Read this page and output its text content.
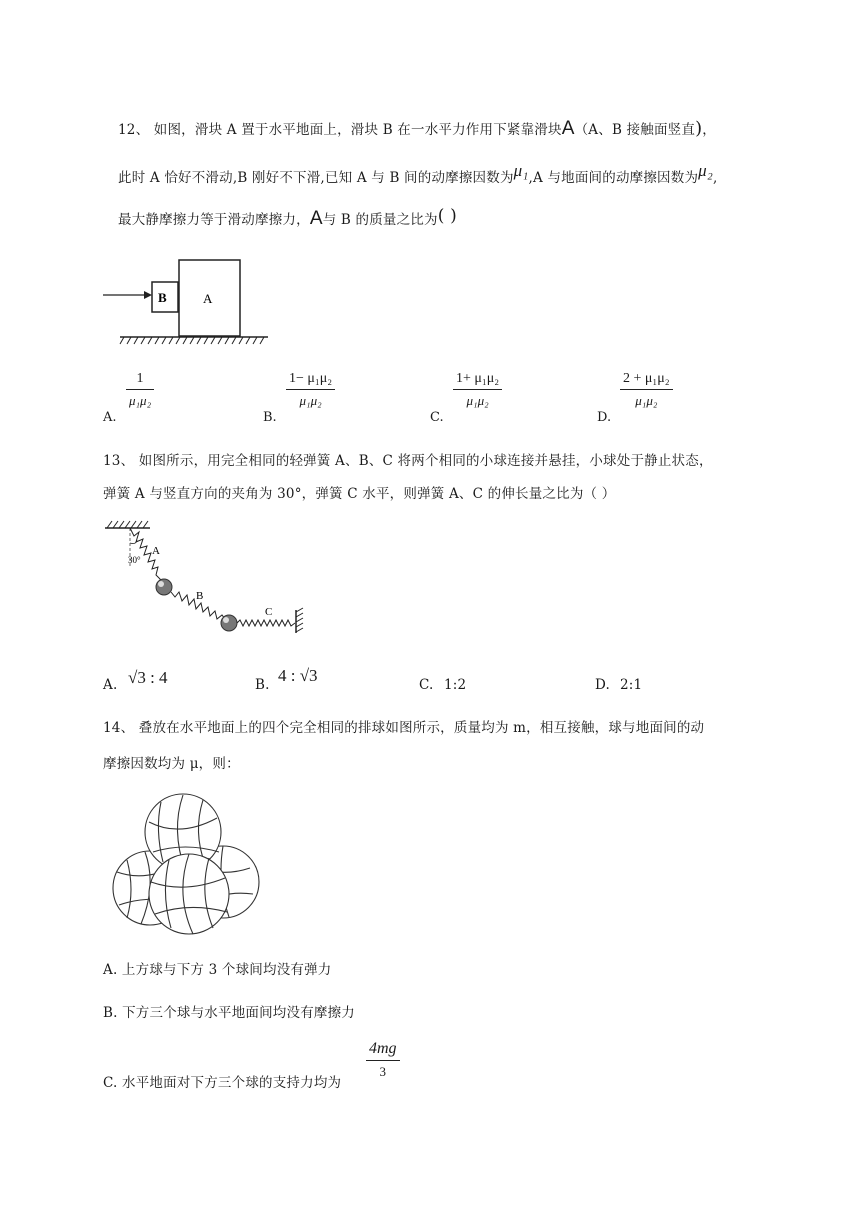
12、 如图，滑块 A 置于水平地面上，滑块 B 在一水平力作用下紧靠滑块A（A、B 接触面竖直)，
此时 A 恰好不滑动,B 刚好不下滑,已知 A 与 B 间的动摩擦因数为μ₁,A 与地面间的动摩擦因数为μ₂,
最大静摩擦力等于滑动摩擦力，A与 B 的质量之比为( )
B	A
A.
$\frac{1}{\text{μ₁μ₂}}$
B.
$\frac{\text{1− μ₁μ₂}}{\text{μ₁μ₂}}$
C.
$\frac{\text{1+ μ₁μ₂}}{\text{μ₁μ₂}}$
D.
$\frac{\text{2 + μ₁μ₂}}{\text{μ₁μ₂}}$
13、 如图所示，用完全相同的轻弹簧 A、B、C 将两个相同的小球连接并悬挂，小球处于静止状态，
弹簧 A 与竖直方向的夹角为 30°，弹簧 C 水平，则弹簧 A、C 的伸长量之比为（ ）
30°
A
B
C
A. √3 : 4	B. 4 : √3	C. 1:2	D. 2:1
14、 叠放在水平地面上的四个完全相同的排球如图所示，质量均为 m，相互接触，球与地面间的动
摩擦因数均为 μ，则：
A. 上方球与下方 3 个球间均没有弹力
B. 下方三个球与水平地面间均没有摩擦力
C. 水平地面对下方三个球的支持力均为
4mg
3
